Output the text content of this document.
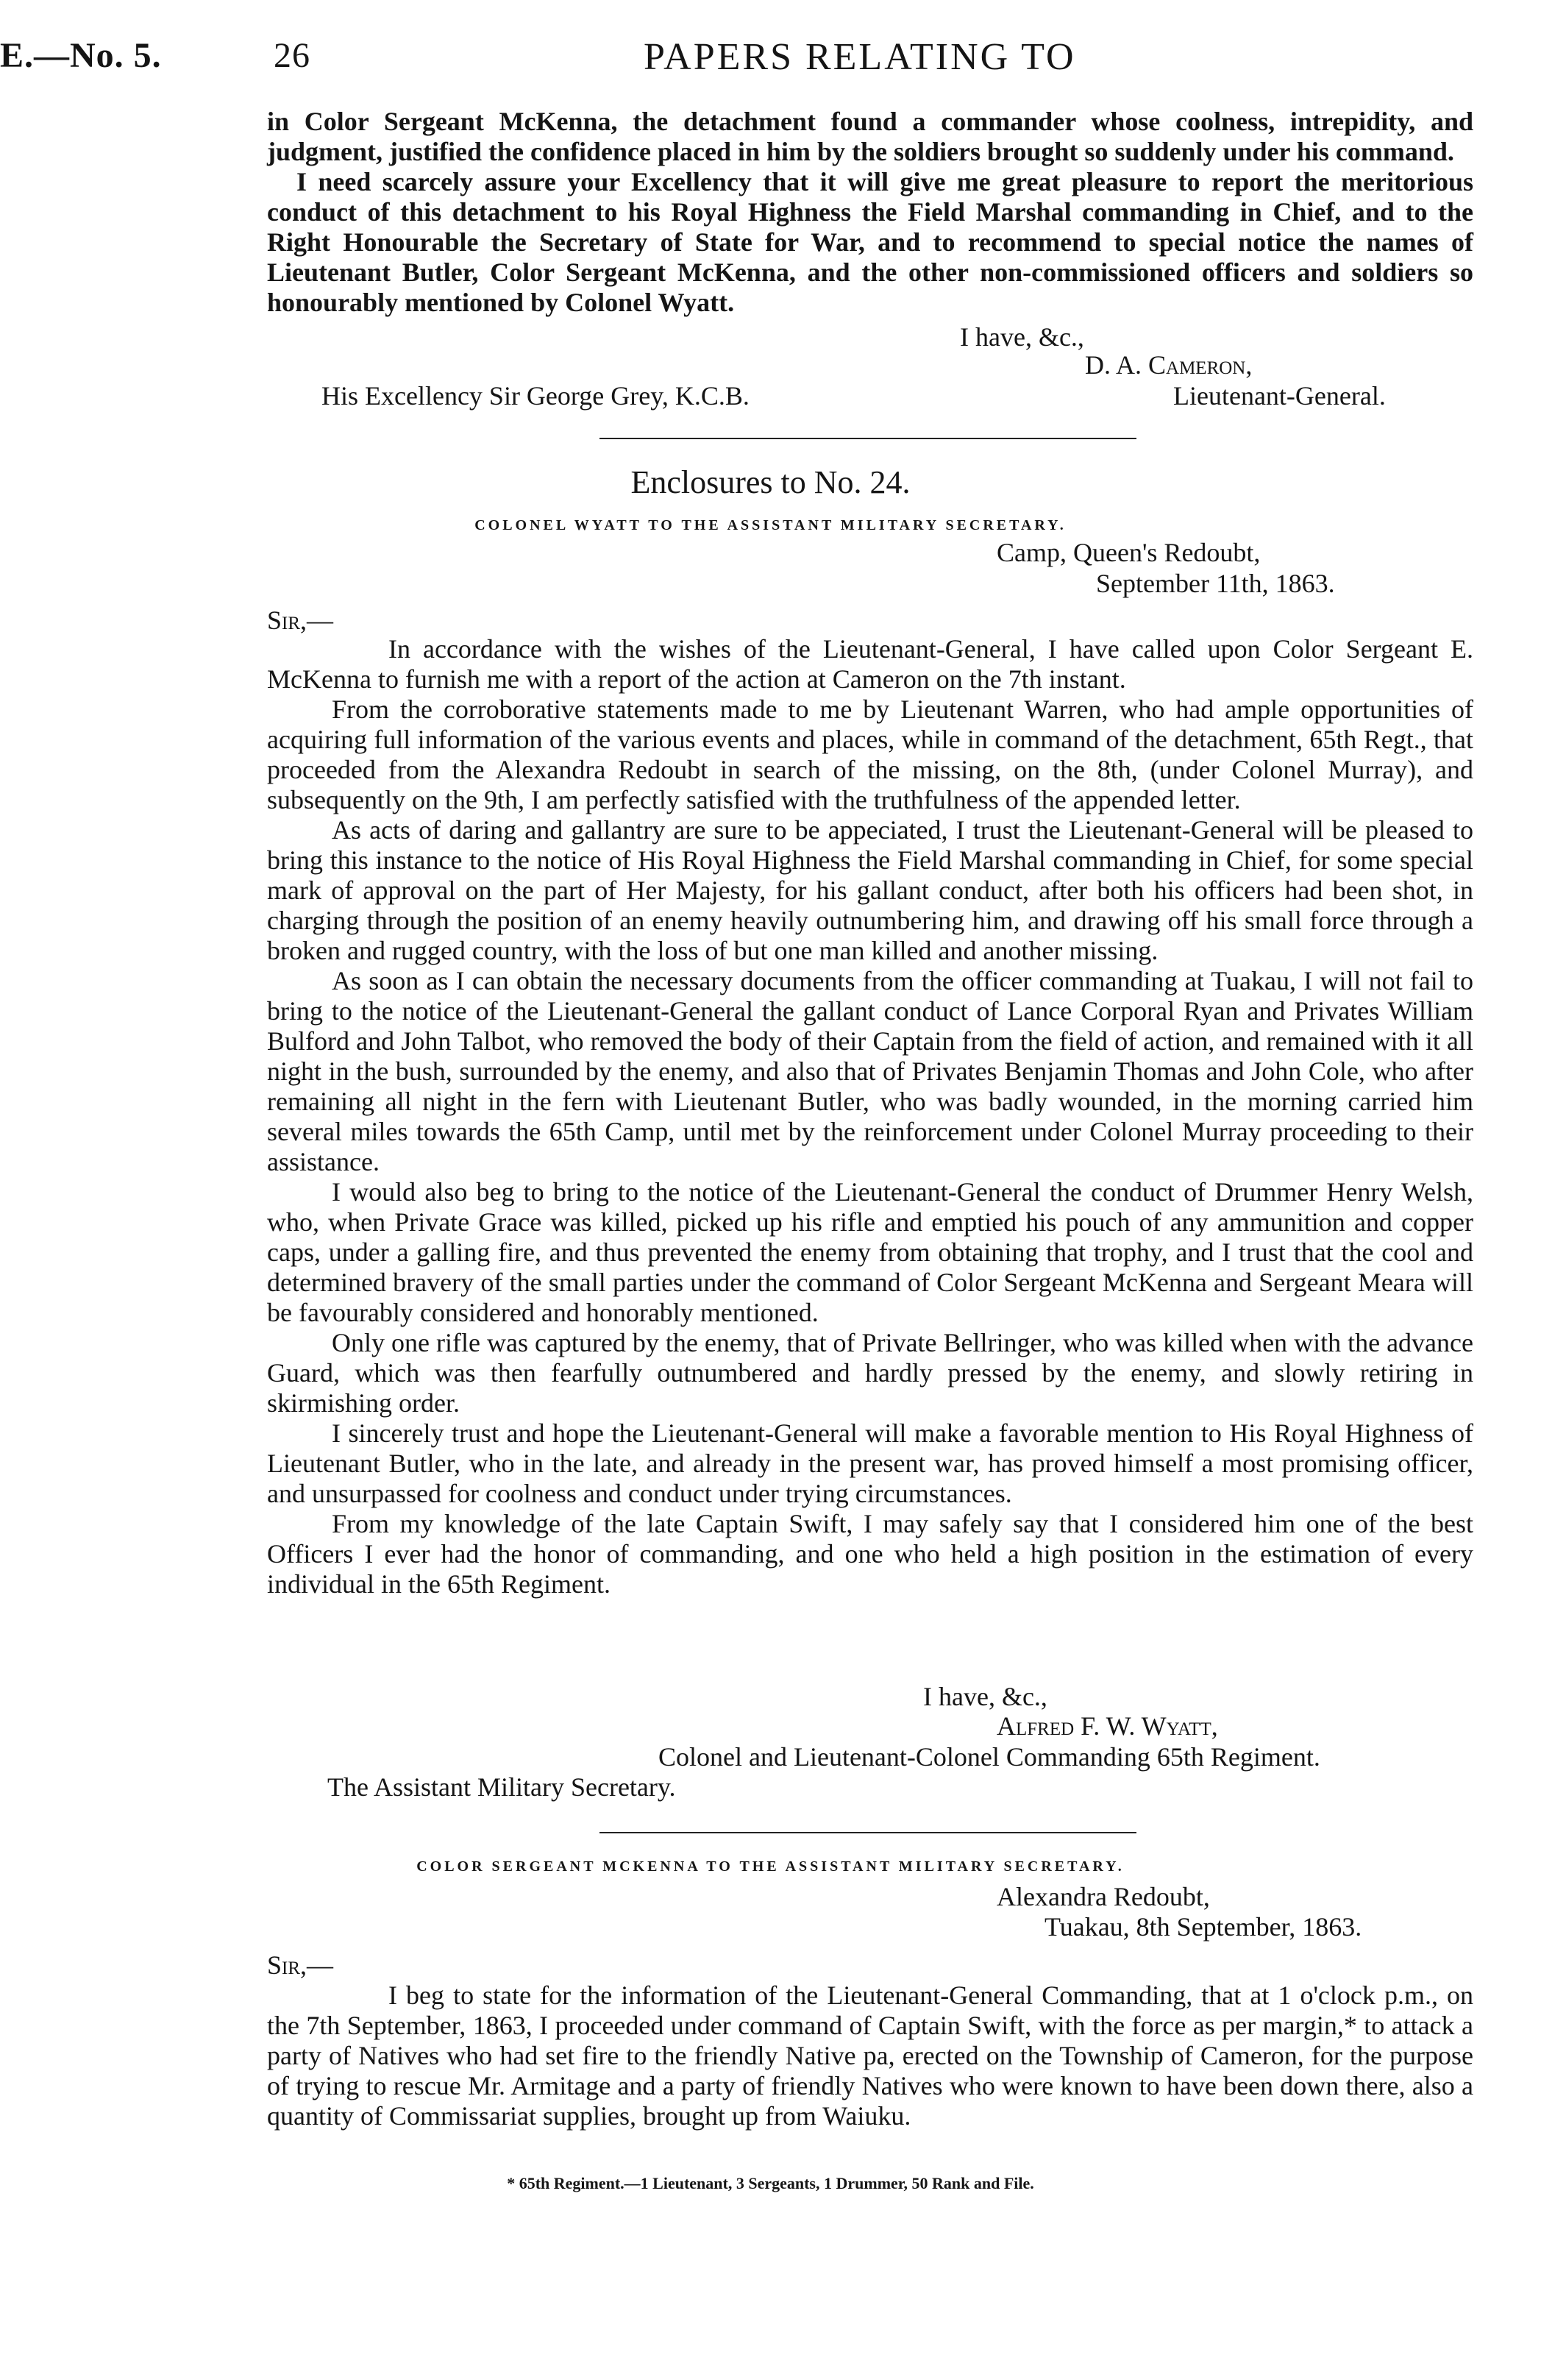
E.—No. 5.	26	PAPERS RELATING TO

in Color Sergeant McKenna, the detachment found a commander whose coolness, intrepidity, and judgment, justified the confidence placed in him by the soldiers brought so suddenly under his command.

I need scarcely assure your Excellency that it will give me great pleasure to report the meritorious conduct of this detachment to his Royal Highness the Field Marshal commanding in Chief, and to the Right Honourable the Secretary of State for War, and to recommend to special notice the names of Lieutenant Butler, Color Sergeant McKenna, and the other non-commissioned officers and soldiers so honourably mentioned by Colonel Wyatt.

I have, &c.,
D. A. Cameron,
His Excellency Sir George Grey, K.C.B.	Lieutenant-General.
Enclosures to No. 24.
COLONEL WYATT TO THE ASSISTANT MILITARY SECRETARY.
Camp, Queen's Redoubt,
September 11th, 1863.
Sir,—

In accordance with the wishes of the Lieutenant-General, I have called upon Color Sergeant E. McKenna to furnish me with a report of the action at Cameron on the 7th instant.

From the corroborative statements made to me by Lieutenant Warren, who had ample opportunities of acquiring full information of the various events and places, while in command of the detachment, 65th Regt., that proceeded from the Alexandra Redoubt in search of the missing, on the 8th, (under Colonel Murray), and subsequently on the 9th, I am perfectly satisfied with the truthfulness of the appended letter.

As acts of daring and gallantry are sure to be appeciated, I trust the Lieutenant-General will be pleased to bring this instance to the notice of His Royal Highness the Field Marshal commanding in Chief, for some special mark of approval on the part of Her Majesty, for his gallant conduct, after both his officers had been shot, in charging through the position of an enemy heavily outnumbering him, and drawing off his small force through a broken and rugged country, with the loss of but one man killed and another missing.

As soon as I can obtain the necessary documents from the officer commanding at Tuakau, I will not fail to bring to the notice of the Lieutenant-General the gallant conduct of Lance Corporal Ryan and Privates William Bulford and John Talbot, who removed the body of their Captain from the field of action, and remained with it all night in the bush, surrounded by the enemy, and also that of Privates Benjamin Thomas and John Cole, who after remaining all night in the fern with Lieutenant Butler, who was badly wounded, in the morning carried him several miles towards the 65th Camp, until met by the reinforcement under Colonel Murray proceeding to their assistance.

I would also beg to bring to the notice of the Lieutenant-General the conduct of Drummer Henry Welsh, who, when Private Grace was killed, picked up his rifle and emptied his pouch of any ammunition and copper caps, under a galling fire, and thus prevented the enemy from obtaining that trophy, and I trust that the cool and determined bravery of the small parties under the command of Color Sergeant McKenna and Sergeant Meara will be favourably considered and honorably mentioned.

Only one rifle was captured by the enemy, that of Private Bellringer, who was killed when with the advance Guard, which was then fearfully outnumbered and hardly pressed by the enemy, and slowly retiring in skirmishing order.

I sincerely trust and hope the Lieutenant-General will make a favorable mention to His Royal Highness of Lieutenant Butler, who in the late, and already in the present war, has proved himself a most promising officer, and unsurpassed for coolness and conduct under trying circumstances.

From my knowledge of the late Captain Swift, I may safely say that I considered him one of the best Officers I ever had the honor of commanding, and one who held a high position in the estimation of every individual in the 65th Regiment.

I have, &c.,
Alfred F. W. Wyatt,
Colonel and Lieutenant-Colonel Commanding 65th Regiment.
The Assistant Military Secretary.
COLOR SERGEANT MCKENNA TO THE ASSISTANT MILITARY SECRETARY.
Alexandra Redoubt,
Tuakau, 8th September, 1863.
Sir,—

I beg to state for the information of the Lieutenant-General Commanding, that at 1 o'clock p.m., on the 7th September, 1863, I proceeded under command of Captain Swift, with the force as per margin,* to attack a party of Natives who had set fire to the friendly Native pa, erected on the Township of Cameron, for the purpose of trying to rescue Mr. Armitage and a party of friendly Natives who were known to have been down there, also a quantity of Commissariat supplies, brought up from Waiuku.

* 65th Regiment.—1 Lieutenant, 3 Sergeants, 1 Drummer, 50 Rank and File.
